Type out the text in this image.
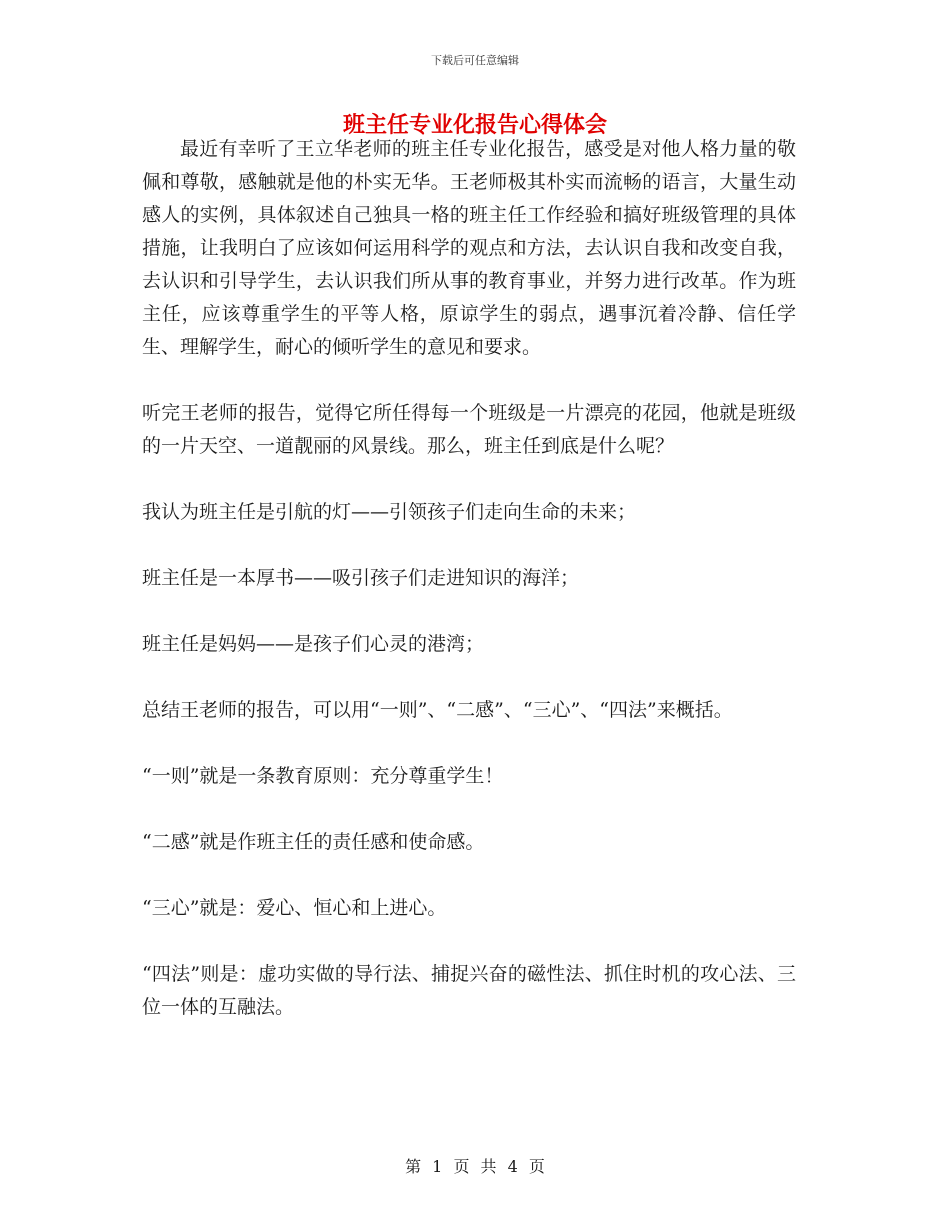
下载后可任意编辑
班主任专业化报告心得体会

最近有幸听了王立华老师的班主任专业化报告，感受是对他人格力量的敬佩和尊敬，感触就是他的朴实无华。王老师极其朴实而流畅的语言，大量生动感人的实例，具体叙述自己独具一格的班主任工作经验和搞好班级管理的具体措施，让我明白了应该如何运用科学的观点和方法，去认识自我和改变自我，去认识和引导学生，去认识我们所从事的教育事业，并努力进行改革。作为班主任，应该尊重学生的平等人格，原谅学生的弱点，遇事沉着冷静、信任学生、理解学生，耐心的倾听学生的意见和要求。

听完王老师的报告，觉得它所任得每一个班级是一片漂亮的花园，他就是班级的一片天空、一道靓丽的风景线。那么，班主任到底是什么呢？

我认为班主任是引航的灯——引领孩子们走向生命的未来；

班主任是一本厚书——吸引孩子们走进知识的海洋；

班主任是妈妈——是孩子们心灵的港湾；

总结王老师的报告，可以用“一则”、“二感”、“三心”、“四法”来概括。

“一则”就是一条教育原则：充分尊重学生！

“二感”就是作班主任的责任感和使命感。

“三心”就是：爱心、恒心和上进心。

“四法”则是：虚功实做的导行法、捕捉兴奋的磁性法、抓住时机的攻心法、三位一体的互融法。

第 1 页 共 4 页
